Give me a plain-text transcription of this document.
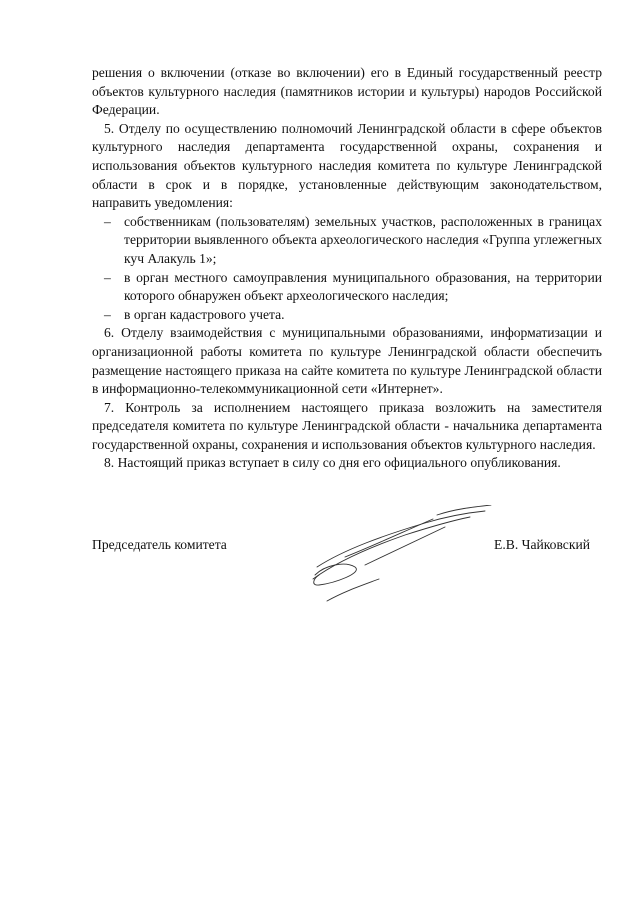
решения о включении (отказе во включении) его в Единый государственный реестр объектов культурного наследия (памятников истории и культуры) народов Российской Федерации.

5. Отделу по осуществлению полномочий Ленинградской области в сфере объектов культурного наследия департамента государственной охраны, сохранения и использования объектов культурного наследия комитета по культуре Ленинградской области в срок и в порядке, установленные действующим законодательством, направить уведомления:

– собственникам (пользователям) земельных участков, расположенных в границах территории выявленного объекта археологического наследия «Группа углежегных куч Алакуль 1»;

– в орган местного самоуправления муниципального образования, на территории которого обнаружен объект археологического наследия;

– в орган кадастрового учета.

6. Отделу взаимодействия с муниципальными образованиями, информатизации и организационной работы комитета по культуре Ленинградской области обеспечить размещение настоящего приказа на сайте комитета по культуре Ленинградской области в информационно-телекоммуникационной сети «Интернет».

7. Контроль за исполнением настоящего приказа возложить на заместителя председателя комитета по культуре Ленинградской области - начальника департамента государственной охраны, сохранения и использования объектов культурного наследия.

8. Настоящий приказ вступает в силу со дня его официального опубликования.

Председатель комитета	Е.В. Чайковский
